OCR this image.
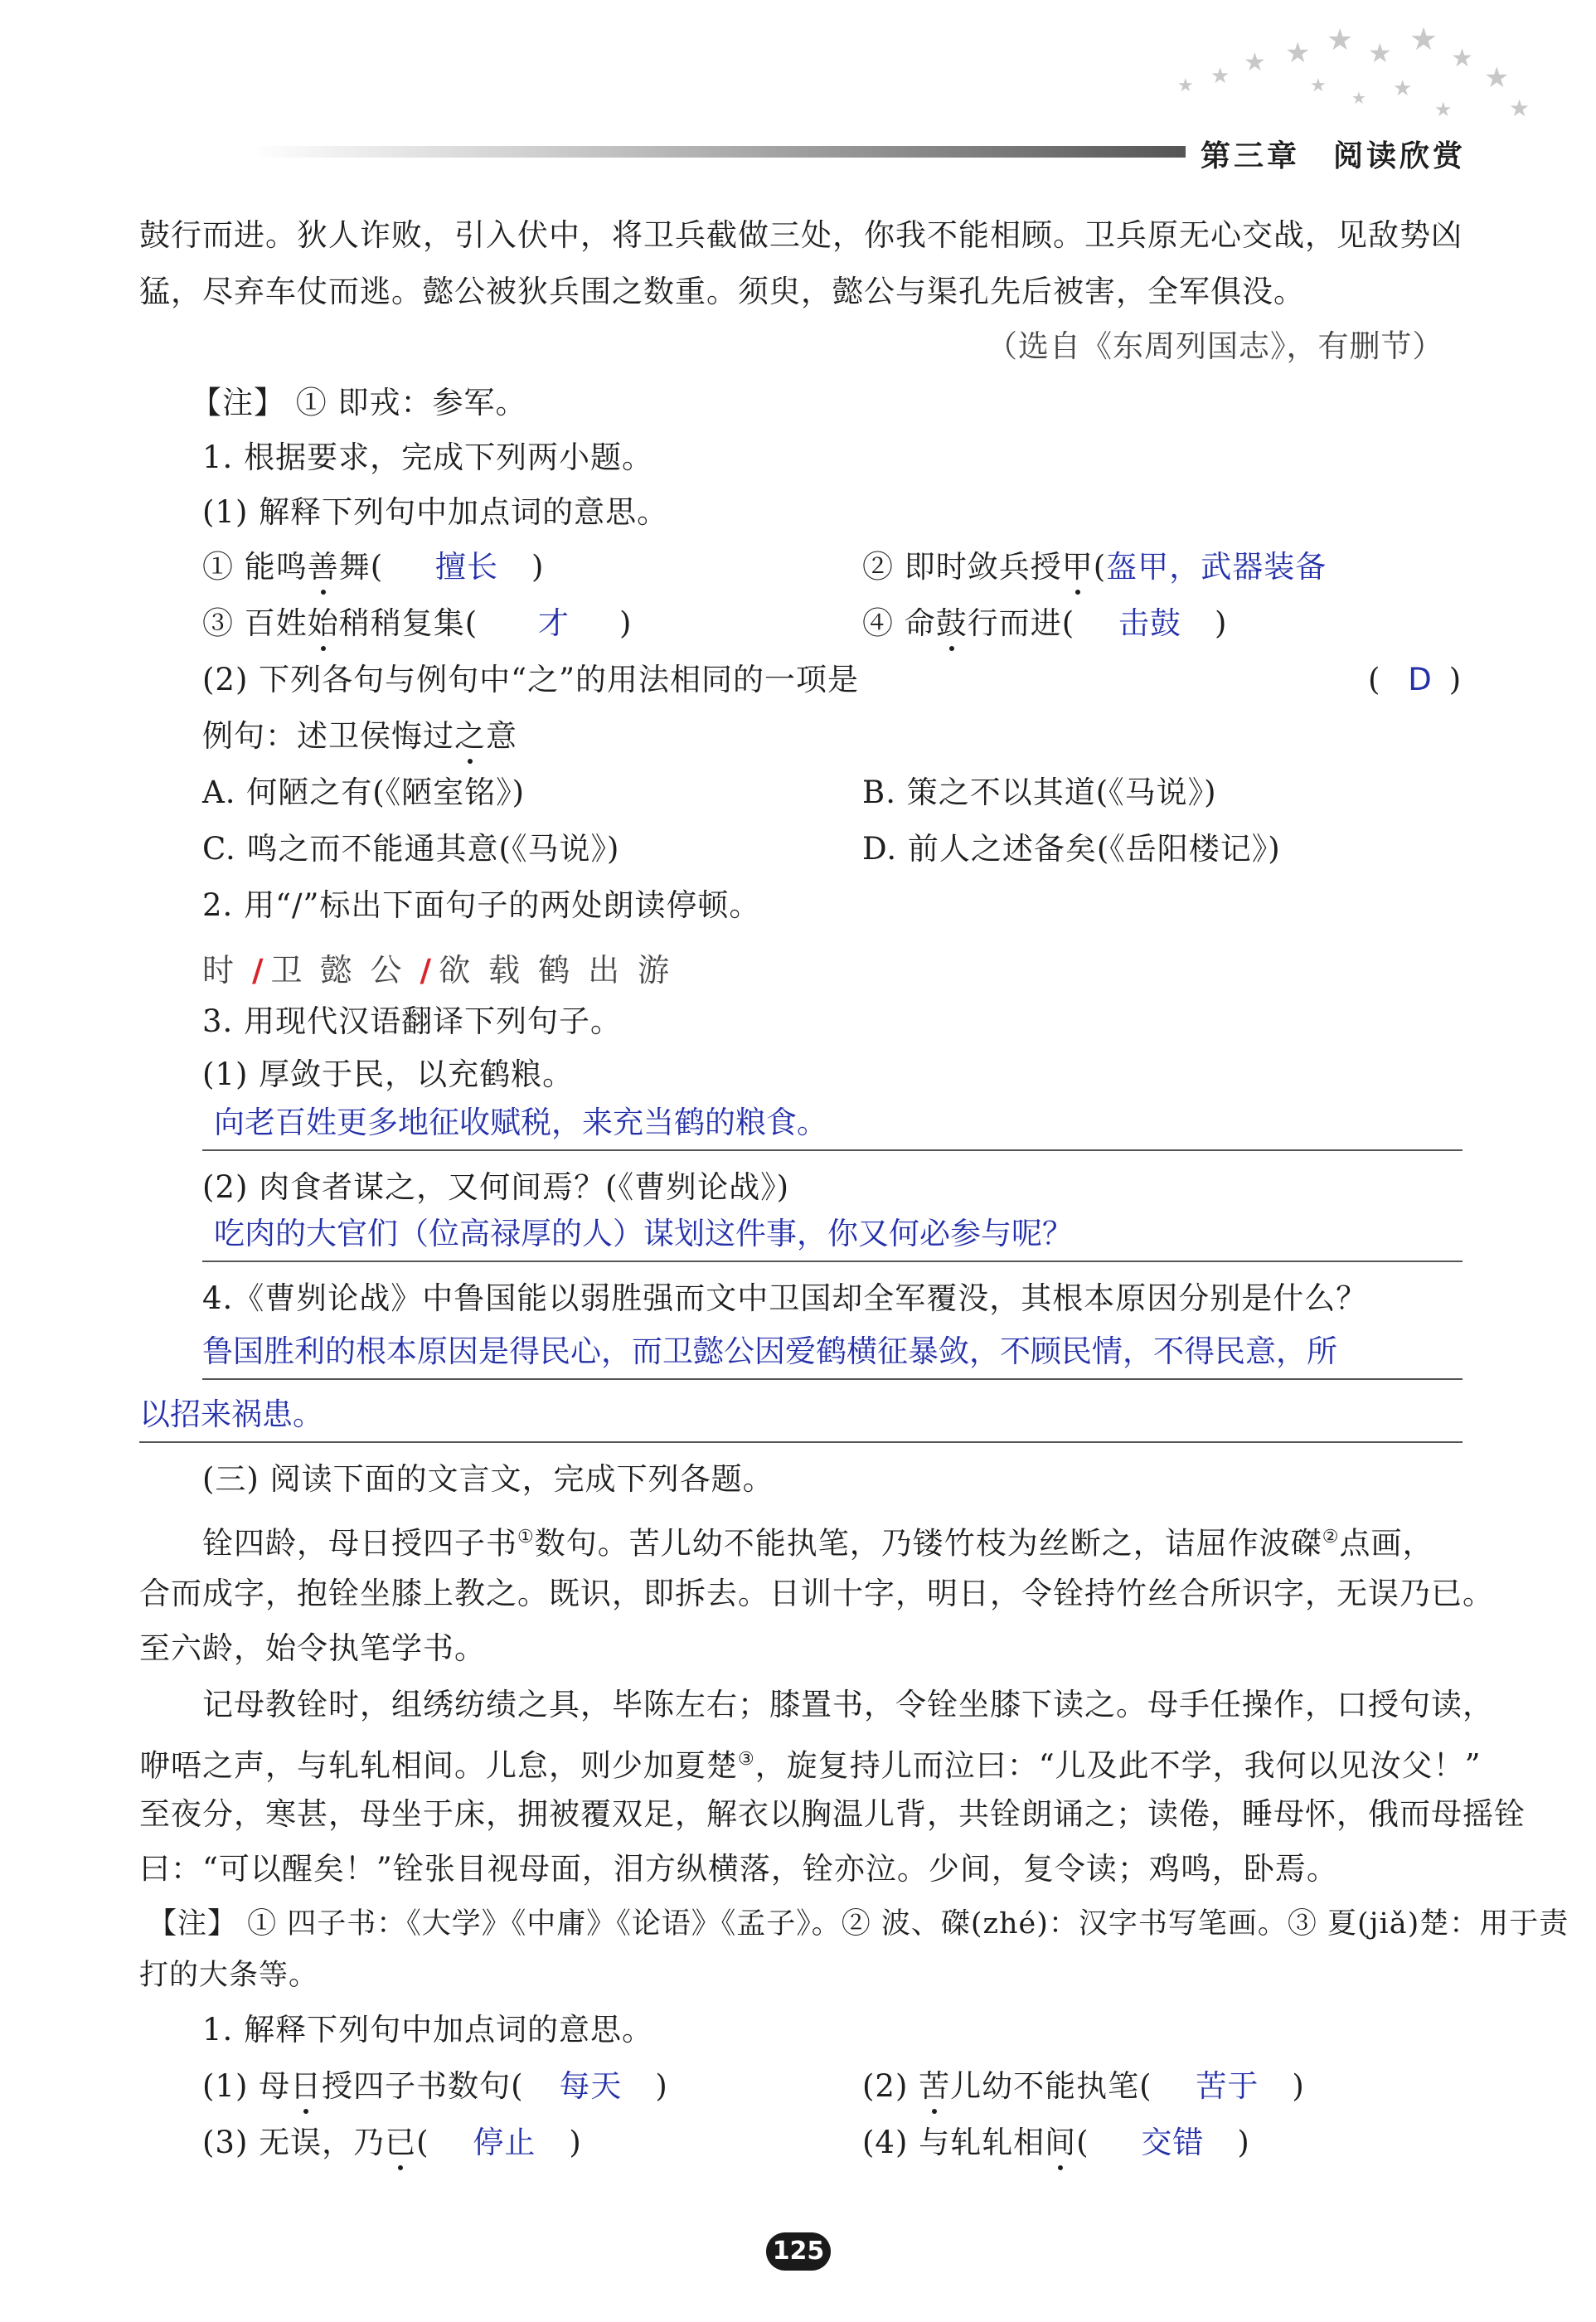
★ ★ ★ ★ ★ ★ ★
★
★
★
★
★
★
★
第三章　阅读欣赏
鼓行而进。狄人诈败，引入伏中，将卫兵截做三处，你我不能相顾。卫兵原无心交战，见敌势凶
猛，尽弃车仗而逃。懿公被狄兵围之数重。须臾，懿公与渠孔先后被害，全军俱没。
（选自《东周列国志》，有删节）
【注】 ① 即戎：参军。
1. 根据要求，完成下列两小题。
(1) 解释下列句中加点词的意思。
① 能鸣善舞( 擅长 )	② 即时敛兵授甲(盔甲，武器装备
③ 百姓始稍稍复集( 才 )	④ 命鼓行而进( 击鼓 )
(2) 下列各句与例句中“之”的用法相同的一项是	( D )
例句：述卫侯悔过之意
A. 何陋之有(《陋室铭》)	B. 策之不以其道(《马说》)
C. 鸣之而不能通其意(《马说》)	D. 前人之述备矣(《岳阳楼记》)
2. 用“/”标出下面句子的两处朗读停顿。
时/ 卫懿公/ 欲载鹤出游
3. 用现代汉语翻译下列句子。
(1) 厚敛于民，以充鹤粮。
向老百姓更多地征收赋税，来充当鹤的粮食。
(2) 肉食者谋之，又何间焉？(《曹刿论战》)
吃肉的大官们（位高禄厚的人）谋划这件事，你又何必参与呢？
4.《曹刿论战》中鲁国能以弱胜强而文中卫国却全军覆没，其根本原因分别是什么？
鲁国胜利的根本原因是得民心，而卫懿公因爱鹤横征暴敛，不顾民情，不得民意，所
以招来祸患。
(三) 阅读下面的文言文，完成下列各题。
铨四龄，母日授四子书①数句。苦儿幼不能执笔，乃镂竹枝为丝断之，诘屈作波磔②点画，
合而成字，抱铨坐膝上教之。既识，即拆去。日训十字，明日，令铨持竹丝合所识字，无误乃已。
至六龄，始令执笔学书。
记母教铨时，组绣纺绩之具，毕陈左右；膝置书，令铨坐膝下读之。母手任操作，口授句读，
咿唔之声，与轧轧相间。儿怠，则少加夏楚③，旋复持儿而泣曰：“儿及此不学，我何以见汝父！”
至夜分，寒甚，母坐于床，拥被覆双足，解衣以胸温儿背，共铨朗诵之；读倦，睡母怀，俄而母摇铨
曰：“可以醒矣！”铨张目视母面，泪方纵横落，铨亦泣。少间，复令读；鸡鸣，卧焉。
【注】 ① 四子书：《大学》《中庸》《论语》《孟子》。② 波、磔(zhé)：汉字书写笔画。③ 夏(jiǎ)楚：用于责
打的大条等。
1. 解释下列句中加点词的意思。
(1) 母日授四子书数句( 每天 )	(2) 苦儿幼不能执笔( 苦于 )
(3) 无误，乃已( 停止 )	(4) 与轧轧相间( 交错 )
125
